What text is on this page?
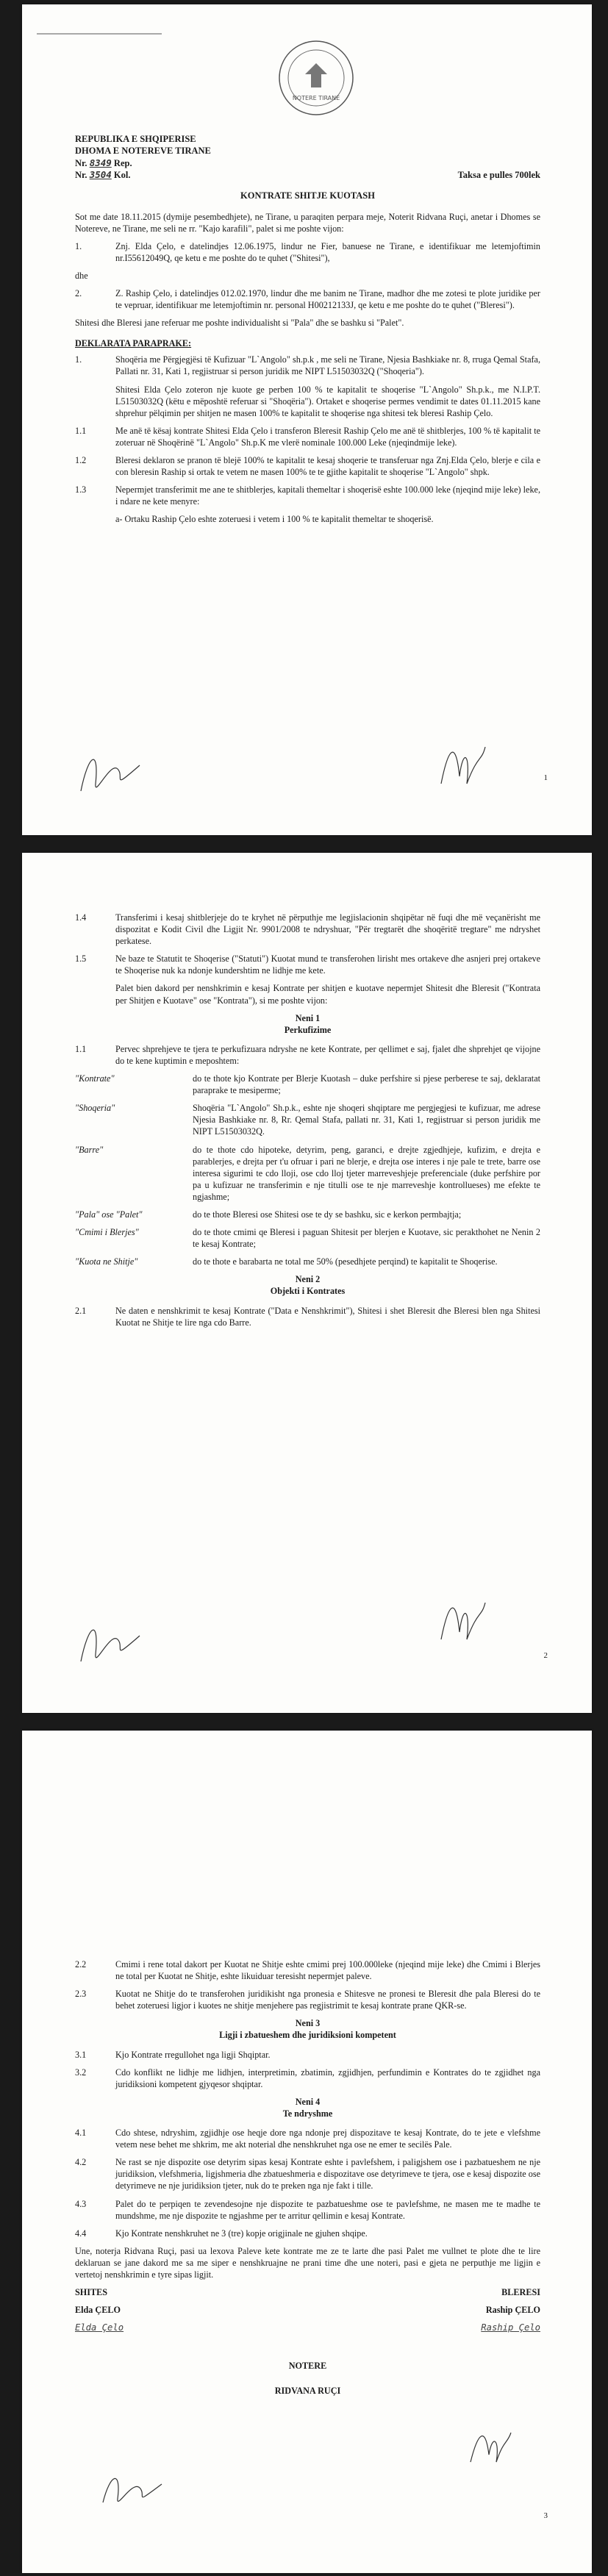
NOTERE TIRANE
REPUBLIKA E SHQIPERISE
DHOMA E NOTEREVE TIRANE
Nr. 8349 Rep.
Nr. 3504 Kol.	Taksa e pulles 700lek
KONTRATE SHITJE KUOTASH

Sot me date 18.11.2015 (dymije pesembedhjete), ne Tirane, u paraqiten perpara meje, Noterit Ridvana Ruçi, anetar i Dhomes se Notereve, ne Tirane, me seli ne rr. "Kajo karafili", palet si me poshte vijon:

1.	Znj. Elda Çelo, e datelindjes 12.06.1975, lindur ne Fier, banuese ne Tirane, e identifikuar me letemjoftimin nr.I55612049Q, qe ketu e me poshte do te quhet ("Shitesi"),

dhe

2.	Z. Raship Çelo, i datelindjes 012.02.1970, lindur dhe me banim ne Tirane, madhor dhe me zotesi te plote juridike per te vepruar, identifikuar me letemjoftimin nr. personal H00212133J, qe ketu e me poshte do te quhet ("Bleresi").

Shitesi dhe Bleresi jane referuar me poshte individualisht si "Pala" dhe se bashku si "Palet".

DEKLARATA PARAPRAKE:
1.	Shoqëria me Përgjegjësi të Kufizuar "L`Angolo" sh.p.k , me seli ne Tirane, Njesia Bashkiake nr. 8, rruga Qemal Stafa, Pallati nr. 31, Kati 1, regjistruar si person juridik me NIPT L51503032Q ("Shoqeria").

Shitesi Elda Çelo zoteron nje kuote ge perben 100 % te kapitalit te shoqerise "L`Angolo" Sh.p.k., me N.I.P.T. L51503032Q (këtu e mëposhtë referuar si "Shoqëria"). Ortaket e shoqerise permes vendimit te dates 01.11.2015 kane shprehur pëlqimin per shitjen ne masen 100% te kapitalit te shoqerise nga shitesi tek bleresi Raship Çelo.

1.1	Me anë të kësaj kontrate Shitesi Elda Çelo i transferon Bleresit Raship Çelo me anë të shitblerjes, 100 % të kapitalit te zoteruar në Shoqërinë "L`Angolo" Sh.p.K me vlerë nominale 100.000 Leke (njeqindmije leke).
1.2	Bleresi deklaron se pranon të blejë 100% te kapitalit te kesaj shoqerie te transferuar nga Znj.Elda Çelo, blerje e cila e con bleresin Raship si ortak te vetem ne masen 100% te te gjithe kapitalit te shoqerise "L`Angolo" shpk.
1.3	Nepermjet transferimit me ane te shitblerjes, kapitali themeltar i shoqerisë eshte 100.000 leke (njeqind mije leke) leke, i ndare ne kete menyre:

a- Ortaku Raship Çelo eshte zoteruesi i vetem i 100 % te kapitalit themeltar te shoqerisë.

1
1.4	Transferimi i kesaj shitblerjeje do te kryhet në përputhje me legjislacionin shqipëtar në fuqi dhe më veçanërisht me dispozitat e Kodit Civil dhe Ligjit Nr. 9901/2008 te ndryshuar, "Për tregtarët dhe shoqëritë tregtare" me ndryshet perkatese.
1.5	Ne baze te Statutit te Shoqerise ("Statuti") Kuotat mund te transferohen lirisht mes ortakeve dhe asnjeri prej ortakeve te Shoqerise nuk ka ndonje kundershtim ne lidhje me kete.

Palet bien dakord per nenshkrimin e kesaj Kontrate per shitjen e kuotave nepermjet Shitesit dhe Bleresit ("Kontrata per Shitjen e Kuotave" ose "Kontrata"), si me poshte vijon:

Neni 1
Perkufizime
1.1	Pervec shprehjeve te tjera te perkufizuara ndryshe ne kete Kontrate, per qellimet e saj, fjalet dhe shprehjet qe vijojne do te kene kuptimin e meposhtem:
"Kontrate"	do te thote kjo Kontrate per Blerje Kuotash – duke perfshire si pjese perberese te saj, deklaratat paraprake te mesiperme;
"Shoqeria"	Shoqëria "L`Angolo" Sh.p.k., eshte nje shoqeri shqiptare me pergjegjesi te kufizuar, me adrese Njesia Bashkiake nr. 8, Rr. Qemal Stafa, pallati nr. 31, Kati 1, regjistruar si person juridik me NIPT L51503032Q.
"Barre"	do te thote cdo hipoteke, detyrim, peng, garanci, e drejte zgjedhjeje, kufizim, e drejta e parablerjes, e drejta per t'u ofruar i pari ne blerje, e drejta ose interes i nje pale te trete, barre ose interesa sigurimi te cdo lloji, ose cdo lloj tjeter marreveshjeje preferenciale (duke perfshire por pa u kufizuar ne transferimin e nje titulli ose te nje marreveshje kontrollueses) me efekte te ngjashme;
"Pala" ose "Palet"	do te thote Bleresi ose Shitesi ose te dy se bashku, sic e kerkon permbajtja;
"Cmimi i Blerjes"	do te thote cmimi qe Bleresi i paguan Shitesit per blerjen e Kuotave, sic perakthohet ne Nenin 2 te kesaj Kontrate;
"Kuota ne Shitje"	do te thote e barabarta ne total me 50% (pesedhjete perqind) te kapitalit te Shoqerise.
Neni 2
Objekti i Kontrates
2.1	Ne daten e nenshkrimit te kesaj Kontrate ("Data e Nenshkrimit"), Shitesi i shet Bleresit dhe Bleresi blen nga Shitesi Kuotat ne Shitje te lire nga cdo Barre.
2
2.2	Cmimi i rene total dakort per Kuotat ne Shitje eshte cmimi prej 100.000leke (njeqind mije leke) dhe Cmimi i Blerjes ne total per Kuotat ne Shitje, eshte likuiduar teresisht nepermjet paleve.
2.3	Kuotat ne Shitje do te transferohen juridikisht nga pronesia e Shitesve ne pronesi te Bleresit dhe pala Bleresi do te behet zoteruesi ligjor i kuotes ne shitje menjehere pas regjistrimit te kesaj kontrate prane QKR-se.
Neni 3
Ligji i zbatueshem dhe juridiksioni kompetent
3.1	Kjo Kontrate rregullohet nga ligji Shqiptar.
3.2	Cdo konflikt ne lidhje me lidhjen, interpretimin, zbatimin, zgjidhjen, perfundimin e Kontrates do te zgjidhet nga juridiksioni kompetent gjyqesor shqiptar.
Neni 4
Te ndryshme
4.1	Cdo shtese, ndryshim, zgjidhje ose heqje dore nga ndonje prej dispozitave te kesaj Kontrate, do te jete e vlefshme vetem nese behet me shkrim, me akt noterial dhe nenshkruhet nga ose ne emer te secilës Pale.
4.2	Ne rast se nje dispozite ose detyrim sipas kesaj Kontrate eshte i pavlefshem, i paligjshem ose i pazbatueshem ne nje juridiksion, vlefshmeria, ligjshmeria dhe zbatueshmeria e dispozitave ose detyrimeve te tjera, ose e kesaj dispozite ose detyrimeve ne nje juridiksion tjeter, nuk do te preken nga nje fakt i tille.
4.3	Palet do te perpiqen te zevendesojne nje dispozite te pazbatueshme ose te pavlefshme, ne masen me te madhe te mundshme, me nje dispozite te ngjashme per te arritur qellimin e kesaj Kontrate.
4.4	Kjo Kontrate nenshkruhet ne 3 (tre) kopje origjinale ne gjuhen shqipe.

Une, noterja Ridvana Ruçi, pasi ua lexova Paleve kete kontrate me ze te larte dhe pasi Palet me vullnet te plote dhe te lire deklaruan se jane dakord me sa me siper e nenshkruajne ne prani time dhe une noteri, pasi e gjeta ne perputhje me ligjin e vertetoj nenshkrimin e tyre sipas ligjit.

SHITES	BLERESI
Elda ÇELO	Raship ÇELO
Elda Çelo	Raship Çelo
NOTERE
RIDVANA RUÇI
3
